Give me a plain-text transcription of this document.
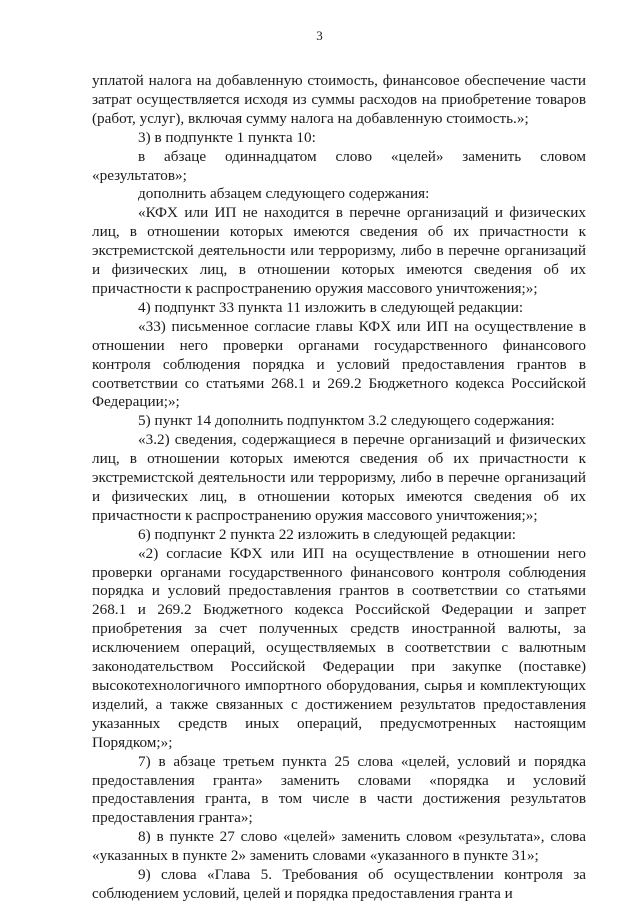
3

уплатой налога на добавленную стоимость, финансовое обеспечение части затрат осуществляется исходя из суммы расходов на приобретение товаров (работ, услуг), включая сумму налога на добавленную стоимость.»;

3) в подпункте 1 пункта 10:

в абзаце одиннадцатом слово «целей» заменить словом «результатов»;

дополнить абзацем следующего содержания:

«КФХ или ИП не находится в перечне организаций и физических лиц, в отношении которых имеются сведения об их причастности к экстремистской деятельности или терроризму, либо в перечне организаций и физических лиц, в отношении которых имеются сведения об их причастности к распространению оружия массового уничтожения;»;

4) подпункт 33 пункта 11 изложить в следующей редакции:

«33) письменное согласие главы КФХ или ИП на осуществление в отношении него проверки органами государственного финансового контроля соблюдения порядка и условий предоставления грантов в соответствии со статьями 268.1 и 269.2 Бюджетного кодекса Российской Федерации;»;

5) пункт 14 дополнить подпунктом 3.2 следующего содержания:

«3.2) сведения, содержащиеся в перечне организаций и физических лиц, в отношении которых имеются сведения об их причастности к экстремистской деятельности или терроризму, либо в перечне организаций и физических лиц, в отношении которых имеются сведения об их причастности к распространению оружия массового уничтожения;»;

6) подпункт 2 пункта 22 изложить в следующей редакции:

«2) согласие КФХ или ИП на осуществление в отношении него проверки органами государственного финансового контроля соблюдения порядка и условий предоставления грантов в соответствии со статьями 268.1 и 269.2 Бюджетного кодекса Российской Федерации и запрет приобретения за счет полученных средств иностранной валюты, за исключением операций, осуществляемых в соответствии с валютным законодательством Российской Федерации при закупке (поставке) высокотехнологичного импортного оборудования, сырья и комплектующих изделий, а также связанных с достижением результатов предоставления указанных средств иных операций, предусмотренных настоящим Порядком;»;

7) в абзаце третьем пункта 25 слова «целей, условий и порядка предоставления гранта» заменить словами «порядка и условий предоставления гранта, в том числе в части достижения результатов предоставления гранта»;

8) в пункте 27 слово «целей» заменить словом «результата», слова «указанных в пункте 2» заменить словами «указанного в пункте 31»;

9) слова «Глава 5. Требования об осуществлении контроля за соблюдением условий, целей и порядка предоставления гранта и
